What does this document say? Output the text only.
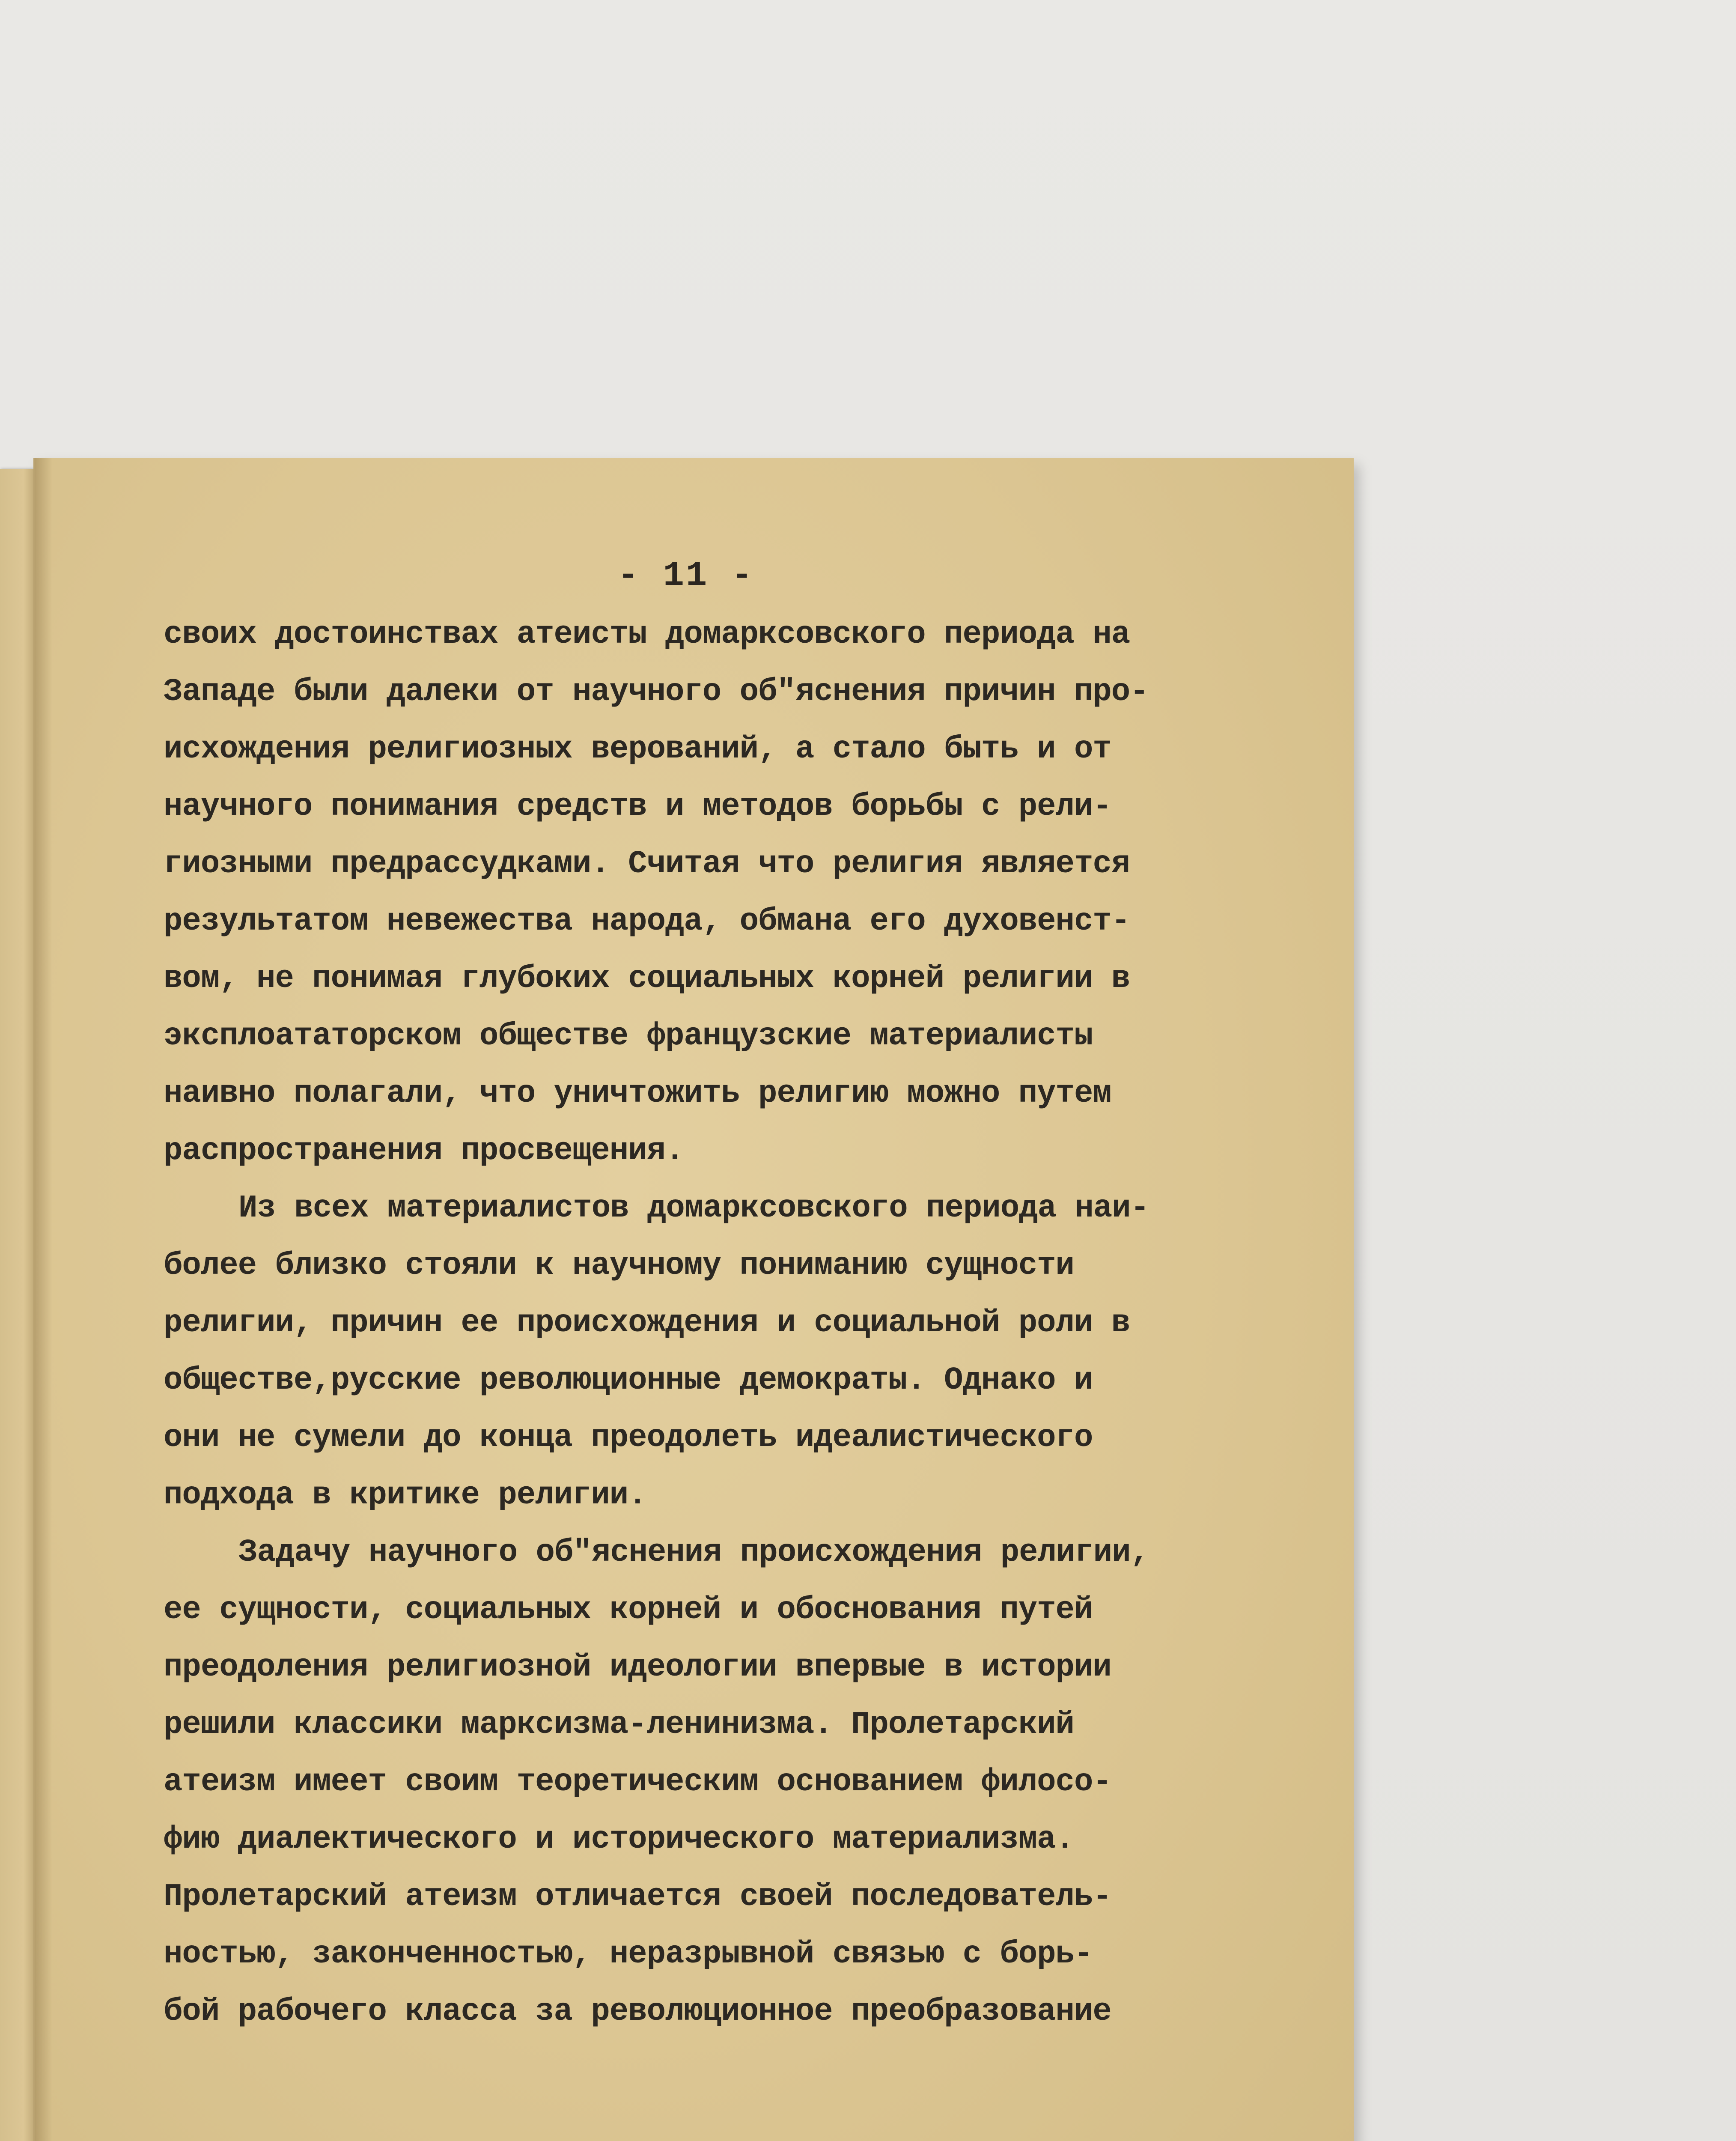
- 11 -
своих достоинствах атеисты домарксовского периода на
Западе были далеки от научного об"яснения причин про-
исхождения религиозных верований, а стало быть и от
научного понимания средств и методов борьбы с рели-
гиозными предрассудками. Считая что религия является
результатом невежества народа, обмана его духовенст-
вом, не понимая глубоких социальных корней религии в
эксплоататорском обществе французские материалисты
наивно полагали, что уничтожить религию можно путем
распространения просвещения.
Из всех материалистов домарксовского периода наи-
более близко стояли к научному пониманию сущности
религии, причин ее происхождения и социальной роли в
обществе,русские революционные демократы. Однако и
они не сумели до конца преодолеть идеалистического
подхода в критике религии.
Задачу научного об"яснения происхождения религии,
ее сущности, социальных корней и обоснования путей
преодоления религиозной идеологии впервые в истории
решили классики марксизма-ленинизма. Пролетарский
атеизм имеет своим теоретическим основанием филосо-
фию диалектического и исторического материализма.
Пролетарский атеизм отличается своей последователь-
ностью, законченностью, неразрывной связью с борь-
бой рабочего класса за революционное преобразование
